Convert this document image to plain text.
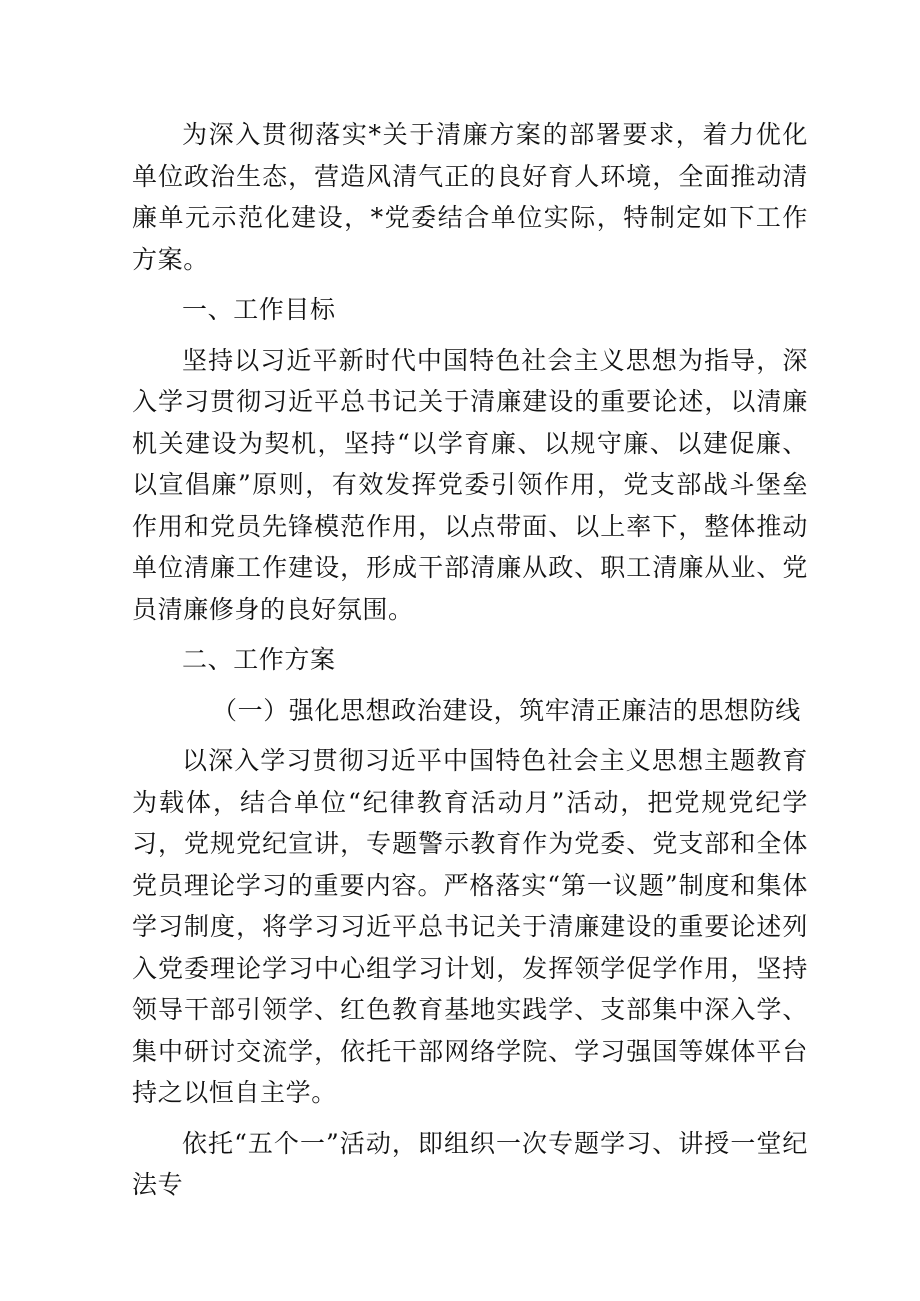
为深入贯彻落实*关于清廉方案的部署要求，着力优化单位政治生态，营造风清气正的良好育人环境，全面推动清廉单元示范化建设，*党委结合单位实际，特制定如下工作方案。

一、工作目标

坚持以习近平新时代中国特色社会主义思想为指导，深入学习贯彻习近平总书记关于清廉建设的重要论述，以清廉机关建设为契机，坚持“以学育廉、以规守廉、以建促廉、以宣倡廉”原则，有效发挥党委引领作用，党支部战斗堡垒作用和党员先锋模范作用，以点带面、以上率下，整体推动单位清廉工作建设，形成干部清廉从政、职工清廉从业、党员清廉修身的良好氛围。

二、工作方案

（一）强化思想政治建设，筑牢清正廉洁的思想防线

以深入学习贯彻习近平中国特色社会主义思想主题教育为载体，结合单位“纪律教育活动月”活动，把党规党纪学习，党规党纪宣讲，专题警示教育作为党委、党支部和全体党员理论学习的重要内容。严格落实“第一议题”制度和集体学习制度，将学习习近平总书记关于清廉建设的重要论述列入党委理论学习中心组学习计划，发挥领学促学作用，坚持领导干部引领学、红色教育基地实践学、支部集中深入学、集中研讨交流学，依托干部网络学院、学习强国等媒体平台持之以恒自主学。

依托“五个一”活动，即组织一次专题学习、讲授一堂纪法专
